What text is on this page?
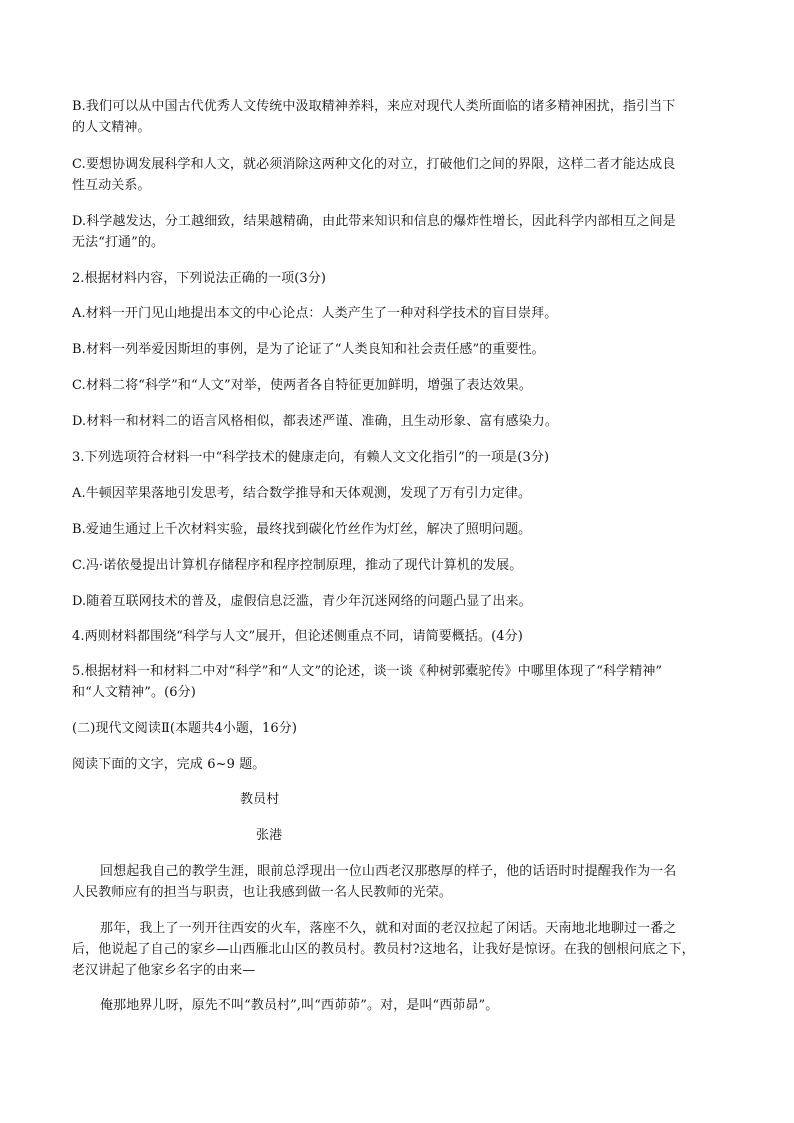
B.我们可以从中国古代优秀人文传统中汲取精神养料，来应对现代人类所面临的诸多精神困扰，指引当下
的人文精神。
C.要想协调发展科学和人文，就必须消除这两种文化的对立，打破他们之间的界限，这样二者才能达成良
性互动关系。
D.科学越发达，分工越细致，结果越精确，由此带来知识和信息的爆炸性增长，因此科学内部相互之间是
无法“打通”的。
2.根据材料内容，下列说法正确的一项(3分)
A.材料一开门见山地提出本文的中心论点：人类产生了一种对科学技术的盲目崇拜。
B.材料一列举爱因斯坦的事例，是为了论证了“人类良知和社会责任感”的重要性。
C.材料二将“科学”和“人文”对举，使两者各自特征更加鲜明，增强了表达效果。
D.材料一和材料二的语言风格相似，都表述严谨、准确，且生动形象、富有感染力。
3.下列选项符合材料一中“科学技术的健康走向，有赖人文文化指引”的一项是(3分)
A.牛顿因苹果落地引发思考，结合数学推导和天体观测，发现了万有引力定律。
B.爱迪生通过上千次材料实验，最终找到碳化竹丝作为灯丝，解决了照明问题。
C.冯·诺依曼提出计算机存储程序和程序控制原理，推动了现代计算机的发展。
D.随着互联网技术的普及，虚假信息泛滥，青少年沉迷网络的问题凸显了出来。
4.两则材料都围绕“科学与人文”展开，但论述侧重点不同，请简要概括。(4分)
5.根据材料一和材料二中对“科学”和“人文”的论述，谈一谈《种树郭橐驼传》中哪里体现了“科学精神”
和“人文精神”。(6分)
(二)现代文阅读Ⅱ(本题共4小题，16分)
阅读下面的文字，完成 6~9 题。
教员村
张港
回想起我自己的教学生涯，眼前总浮现出一位山西老汉那憨厚的样子，他的话语时时提醒我作为一名
人民教师应有的担当与职责，也让我感到做一名人民教师的光荣。
那年，我上了一列开往西安的火车，落座不久，就和对面的老汉拉起了闲话。天南地北地聊过一番之
后，他说起了自己的家乡—山西雁北山区的教员村。教员村?这地名，让我好是惊讶。在我的刨根问底之下，
老汉讲起了他家乡名字的由来—
俺那地界儿呀，原先不叫“教员村”,叫“西茆茆”。对，是叫“西茆昴”。
